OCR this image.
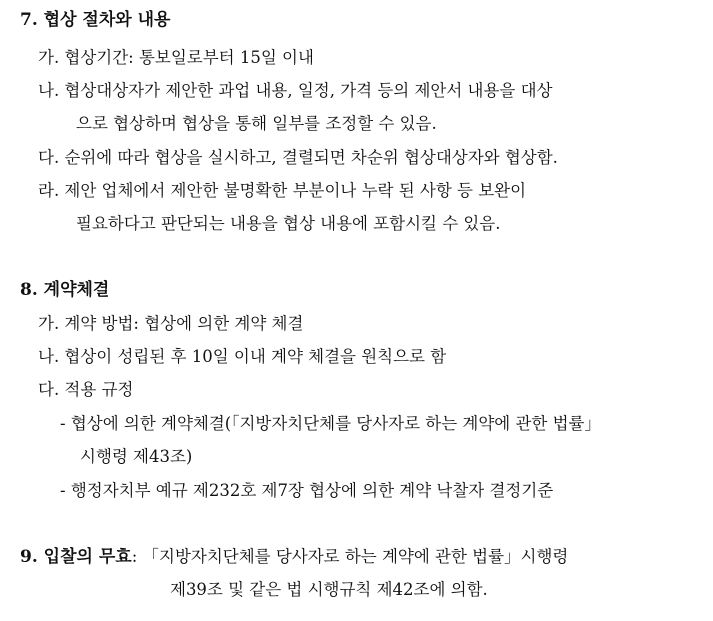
7. 협상 절차와 내용
가. 협상기간: 통보일로부터 15일 이내
나. 협상대상자가 제안한 과업 내용, 일정, 가격 등의 제안서 내용을 대상
으로 협상하며 협상을 통해 일부를 조정할 수 있음.
다. 순위에 따라 협상을 실시하고, 결렬되면 차순위 협상대상자와 협상함.
라. 제안 업체에서 제안한 불명확한 부분이나 누락 된 사항 등 보완이
필요하다고 판단되는 내용을 협상 내용에 포함시킬 수 있음.
8. 계약체결
가. 계약 방법: 협상에 의한 계약 체결
나. 협상이 성립된 후 10일 이내 계약 체결을 원칙으로 함
다. 적용 규정
- 협상에 의한 계약체결(「지방자치단체를 당사자로 하는 계약에 관한 법률」
시행령 제43조)
- 행정자치부 예규 제232호 제7장 협상에 의한 계약 낙찰자 결정기준
9. 입찰의 무효: 「지방자치단체를 당사자로 하는 계약에 관한 법률」시행령
제39조 및 같은 법 시행규칙 제42조에 의함.
